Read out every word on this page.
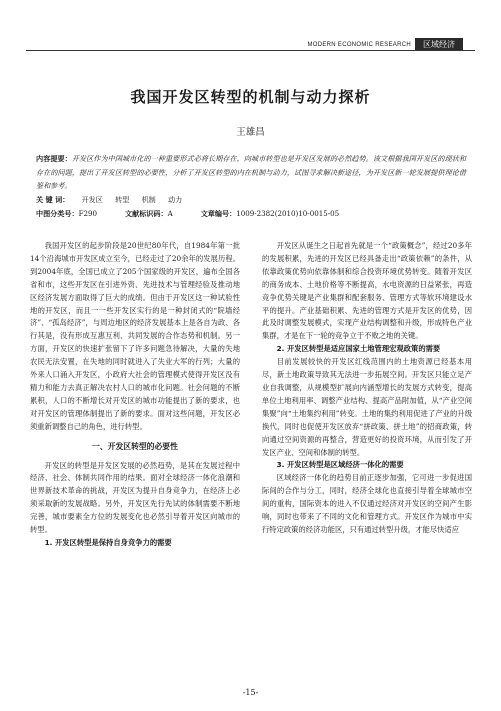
MODERN ECONOMIC RESEARCH	区域经济
我国开发区转型的机制与动力探析
王雄昌
内容提要：开发区作为中国城市化的一种重要形式必将长期存在，向城市转型也是开发区发展的必然趋势。该文根据我国开发区的现状和存在的问题，提出了开发区转型的必要性，分析了开发区转型的内在机制与动力，试图寻求解决新途径，为开发区新一轮发展提供理论借鉴和参考。
关 键 词： 开发区 转型 机制 动力
中图分类号：F290	文献标识码：A	文章编号：1009-2382(2010)10-0015-05

我国开发区的起步阶段是20世纪80年代，自1984年第一批14个沿海城市开发区成立至今，已经走过了20余年的发展历程。到2004年底，全国已成立了205个国家级的开发区，遍布全国各省和市，这些开发区在引进外资、先进技术与管理经验及推动地区经济发展方面取得了巨大的成绩。但由于开发区这一种试验性地的开发区，而且一一些开发区实行的是一种封闭式的“院墙经济”、“孤岛经济”，与周边地区的经济发展基本上是各自为政、各行其是，没有形成互惠互利、共同发展的合作态势和机制。另一方面，开发区的快速扩张留下了许多问题急待解决，大量的失地农民无法安置，在失地的同时就进入了失业大军的行列；大量的外来人口涌入开发区，小政府大社会的管理模式使得开发区没有精力和能力去真正解决农村人口的城市化问题。社会问题的不断累积，人口的不断增长对开发区的城市功能提出了新的要求，也对开发区的管理体制提出了新的要求。面对这些问题，开发区必须重新调整自己的角色，进行转型。

一、开发区转型的必要性

开发区的转型是开发区发展的必然趋势，是其在发展过程中经济、社会、体制共同作用的结果。面对全球经济一体化浪潮和世界新技术革命的挑战，开发区为提升自身竞争力，在经济上必须采取新的发展战略。另外，开发区先行先试的体制需要不断地完善，城市要素全方位的发展变化也必然引导着开发区向城市的转型。

1. 开发区转型是保持自身竞争力的需要

开发区从诞生之日起首先就是一个“政策概念”，经过20多年的发展积累，先进的开发区已经具备走出“政策依赖”的条件，从依靠政策优势向依靠体制和综合投资环境优势转变。随着开发区的商务成本、土地价格等不断提高，水电资源的日益紧张，再造竞争优势关键是产业集群和配套服务、管理方式等软环境建设水平的提升。产业基础积累、先进的管理方式是开发区的优势，因此及时调整发展模式，实现产业结构调整和升级，形成特色产业集群，才是在下一轮的竞争立于不败之地的关键。

2. 开发区转型是适应国家土地管理宏观政策的需要

目前发展较快的开发区红线范围内的土地资源已经基本用尽，新土地政策导致其无法进一步拓展空间。开发区只能立足产业自我调整，从规模型扩展向内涵型增长的发展方式转变，提高单位土地利用率、调整产业结构、提高产品附加值，从“产业空间集聚”向“土地集约利用”转变。土地的集约利用促进了产业的升级换代，同时也促使开发区放弃“拼政策、拼土地”的招商政策，转向通过空间资源的再整合，营造更好的投资环境，从而引发了开发区产业、空间和体制的转型。

3. 开发区转型是区域经济一体化的需要

区域经济一体化的趋势目前正逐步加强，它可进一步促进国际间的合作与分工，同时，经济全球化也直接引导着全球城市空间的重构，国际资本的进入不仅通过经济对开发区的空间产生影响，同时也带来了不同的文化和管理方式。开发区作为城市中实行特定政策的经济功能区，只有通过转型升级，才能尽快适应

-15-
